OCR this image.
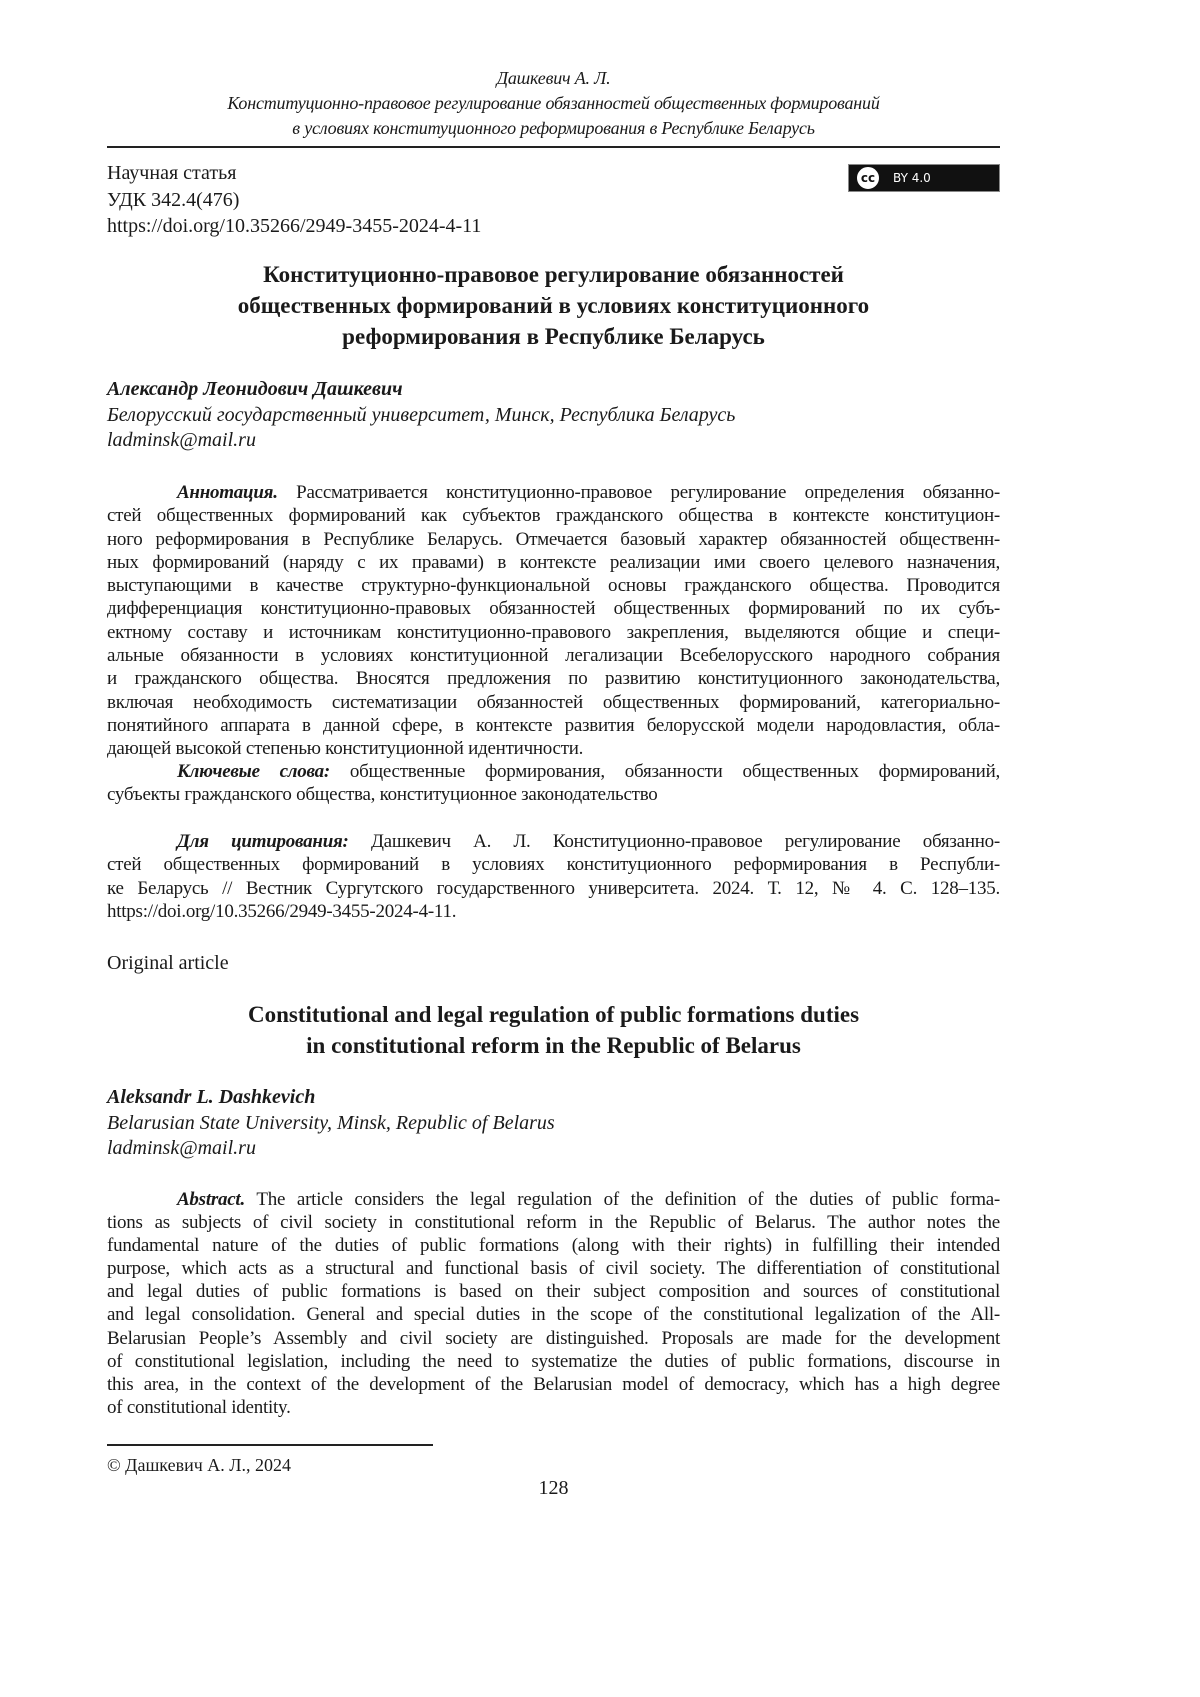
Дашкевич А. Л.
Конституционно-правовое регулирование обязанностей общественных формирований
в условиях конституционного реформирования в Республике Беларусь
Научная статья
УДК 342.4(476)
https://doi.org/10.35266/2949-3455-2024-4-11
cc	BY 4.0
Конституционно-правовое регулирование обязанностей
общественных формирований в условиях конституционного
реформирования в Республике Беларусь
Александр Леонидович Дашкевич
Белорусский государственный университет, Минск, Республика Беларусь
ladminsk@mail.ru
Аннотация. Рассматривается конституционно-правовое регулирование определения обязанно-
стей общественных формирований как субъектов гражданского общества в контексте конституцион-
ного реформирования в Республике Беларусь. Отмечается базовый характер обязанностей общественн-
ных формирований (наряду с их правами) в контексте реализации ими своего целевого назначения,
выступающими в качестве структурно-функциональной основы гражданского общества. Проводится
дифференциация конституционно-правовых обязанностей общественных формирований по их субъ-
ектному составу и источникам конституционно-правового закрепления, выделяются общие и специ-
альные обязанности в условиях конституционной легализации Всебелорусского народного собрания
и гражданского общества. Вносятся предложения по развитию конституционного законодательства,
включая необходимость систематизации обязанностей общественных формирований, категориально-
понятийного аппарата в данной сфере, в контексте развития белорусской модели народовластия, обла-
дающей высокой степенью конституционной идентичности.
Ключевые слова: общественные формирования, обязанности общественных формирований,
субъекты гражданского общества, конституционное законодательство
Для цитирования: Дашкевич А. Л. Конституционно-правовое регулирование обязанно-
стей общественных формирований в условиях конституционного реформирования в Республи-
ке Беларусь // Вестник Сургутского государственного университета. 2024. Т. 12, № 4. С. 128–135.
https://doi.org/10.35266/2949-3455-2024-4-11.
Original article
Constitutional and legal regulation of public formations duties
in constitutional reform in the Republic of Belarus
Aleksandr L. Dashkevich
Belarusian State University, Minsk, Republic of Belarus
ladminsk@mail.ru
Abstract. The article considers the legal regulation of the definition of the duties of public forma-
tions as subjects of civil society in constitutional reform in the Republic of Belarus. The author notes the
fundamental nature of the duties of public formations (along with their rights) in fulfilling their intended
purpose, which acts as a structural and functional basis of civil society. The differentiation of constitutional
and legal duties of public formations is based on their subject composition and sources of constitutional
and legal consolidation. General and special duties in the scope of the constitutional legalization of the All-
Belarusian People’s Assembly and civil society are distinguished. Proposals are made for the development
of constitutional legislation, including the need to systematize the duties of public formations, discourse in
this area, in the context of the development of the Belarusian model of democracy, which has a high degree
of constitutional identity.
© Дашкевич А. Л., 2024
128
